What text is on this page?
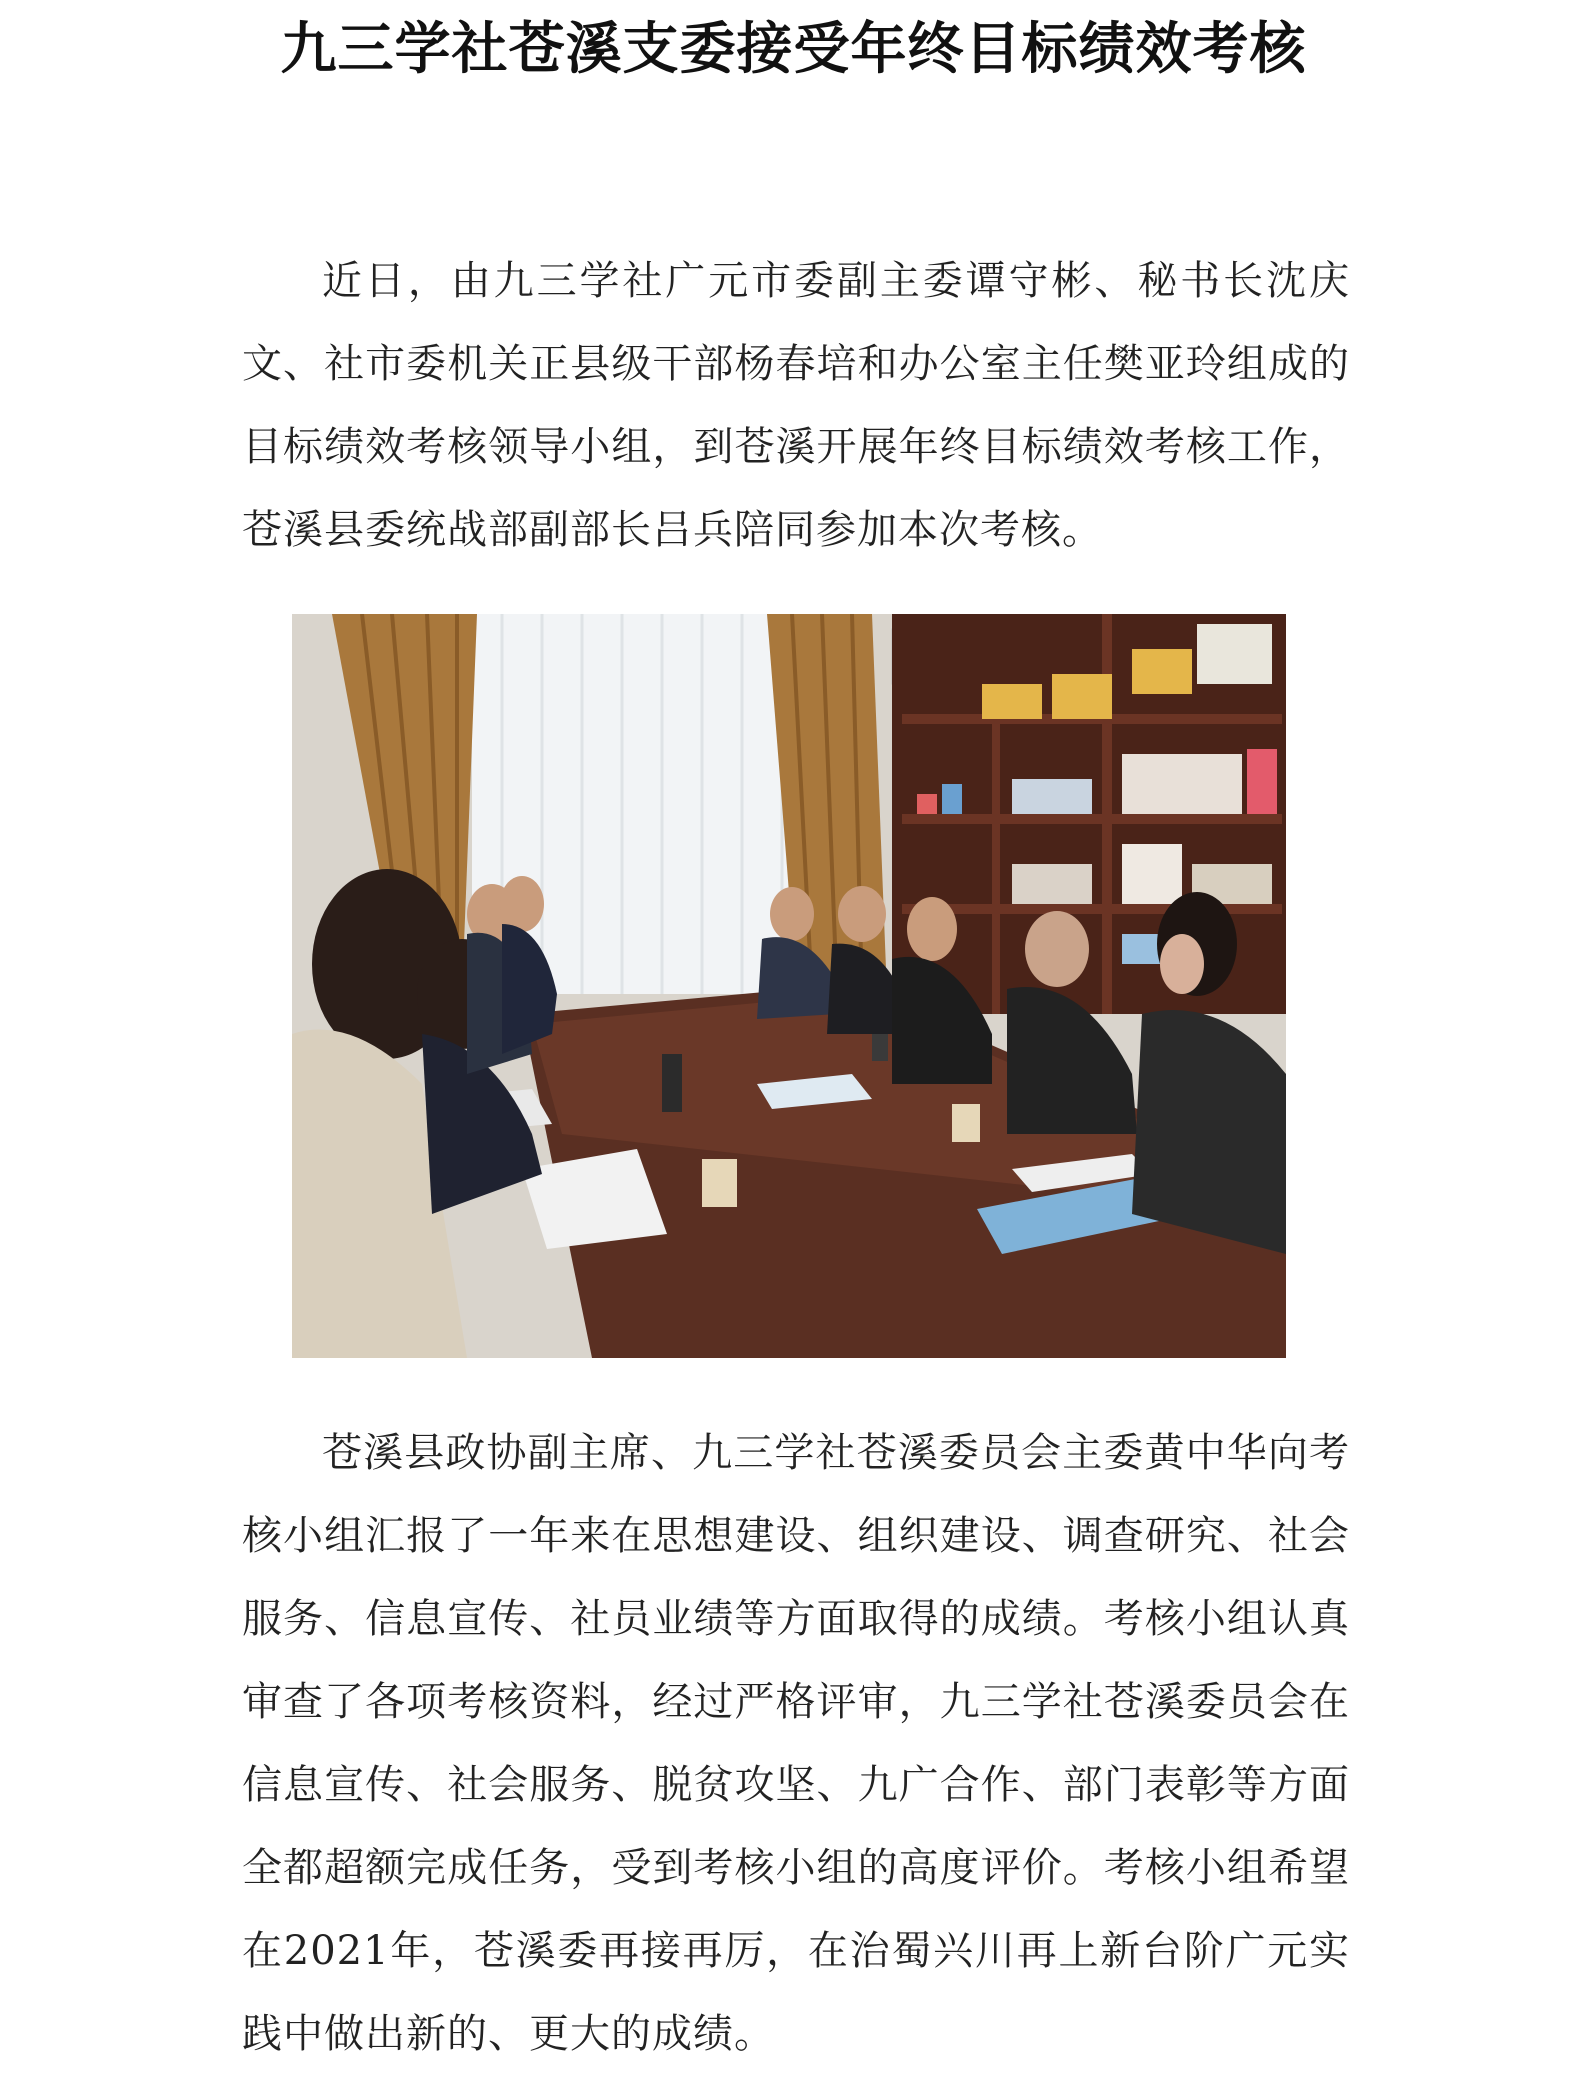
九三学社苍溪支委接受年终目标绩效考核

近日，由九三学社广元市委副主委谭守彬、秘书长沈庆文、社市委机关正县级干部杨春培和办公室主任樊亚玲组成的目标绩效考核领导小组，到苍溪开展年终目标绩效考核工作，苍溪县委统战部副部长吕兵陪同参加本次考核。

苍溪县政协副主席、九三学社苍溪委员会主委黄中华向考核小组汇报了一年来在思想建设、组织建设、调查研究、社会服务、信息宣传、社员业绩等方面取得的成绩。考核小组认真审查了各项考核资料，经过严格评审，九三学社苍溪委员会在信息宣传、社会服务、脱贫攻坚、九广合作、部门表彰等方面全都超额完成任务，受到考核小组的高度评价。考核小组希望在2021年，苍溪委再接再厉，在治蜀兴川再上新台阶广元实践中做出新的、更大的成绩。
